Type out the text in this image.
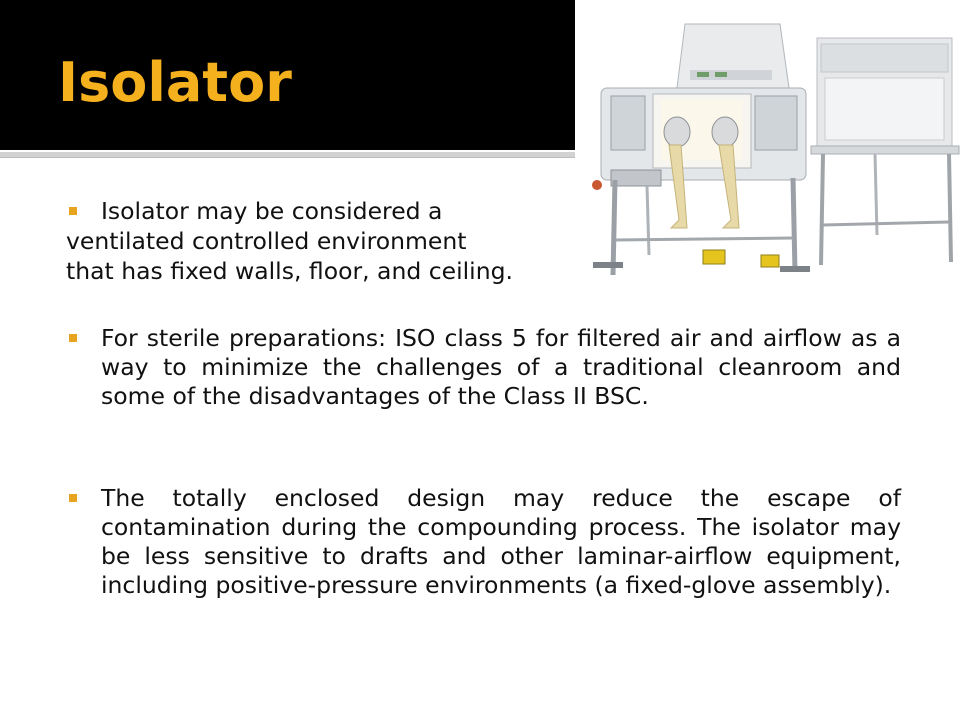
Isolator
Isolator may be considered a
ventilated controlled environment
that has fixed walls, floor, and ceiling.
For sterile preparations: ISO class 5 for filtered air and airflow as a way to minimize the challenges of a traditional cleanroom and some of the disadvantages of the Class II BSC.
The totally enclosed design may reduce the escape of contamination during the compounding process. The isolator may be less sensitive to drafts and other laminar-airflow equipment, including positive-pressure environments (a fixed-glove assembly).
